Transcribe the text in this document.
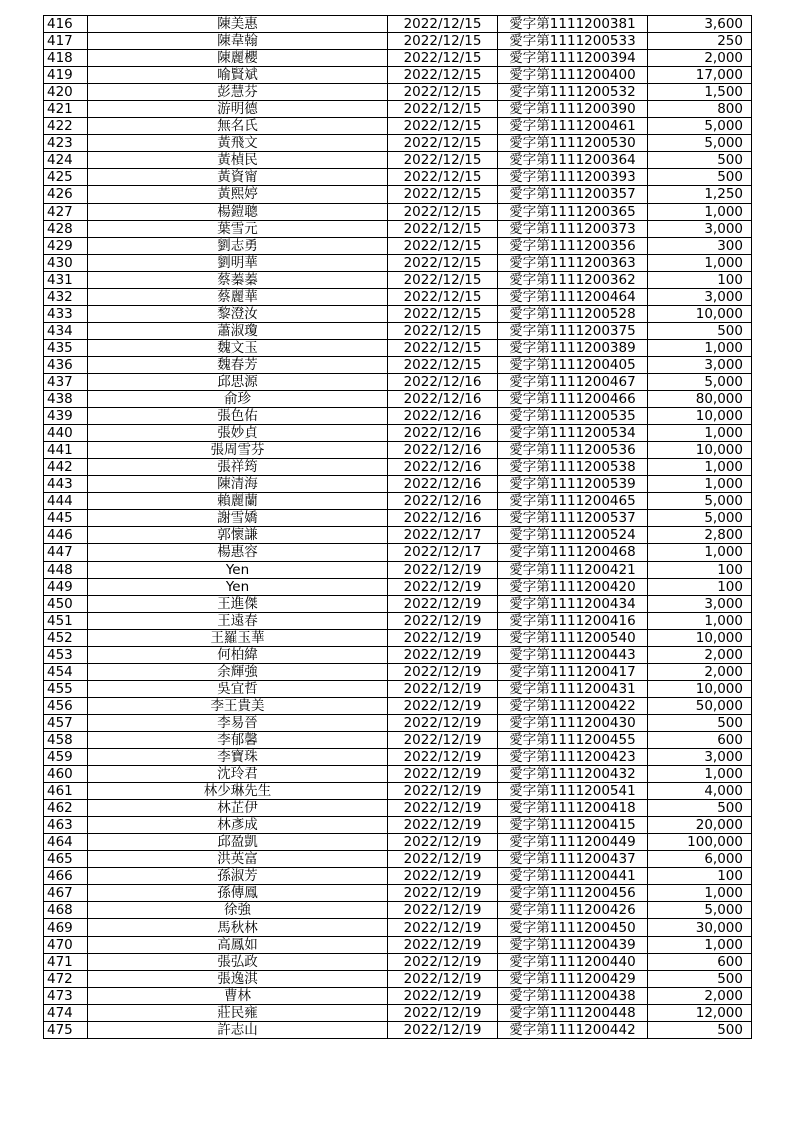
416	陳美惠	2022/12/15	愛字第1111200381	3,600
417	陳韋翰	2022/12/15	愛字第1111200533	250
418	陳麗櫻	2022/12/15	愛字第1111200394	2,000
419	喻賢斌	2022/12/15	愛字第1111200400	17,000
420	彭慧芬	2022/12/15	愛字第1111200532	1,500
421	游明德	2022/12/15	愛字第1111200390	800
422	無名氏	2022/12/15	愛字第1111200461	5,000
423	黃飛文	2022/12/15	愛字第1111200530	5,000
424	黃楨民	2022/12/15	愛字第1111200364	500
425	黃資甯	2022/12/15	愛字第1111200393	500
426	黃熙婷	2022/12/15	愛字第1111200357	1,250
427	楊鎧聰	2022/12/15	愛字第1111200365	1,000
428	葉雪元	2022/12/15	愛字第1111200373	3,000
429	劉志勇	2022/12/15	愛字第1111200356	300
430	劉明華	2022/12/15	愛字第1111200363	1,000
431	蔡蓁蓁	2022/12/15	愛字第1111200362	100
432	蔡麗華	2022/12/15	愛字第1111200464	3,000
433	黎澄汝	2022/12/15	愛字第1111200528	10,000
434	蕭淑瓊	2022/12/15	愛字第1111200375	500
435	魏文玉	2022/12/15	愛字第1111200389	1,000
436	魏春芳	2022/12/15	愛字第1111200405	3,000
437	邱思源	2022/12/16	愛字第1111200467	5,000
438	俞珍	2022/12/16	愛字第1111200466	80,000
439	張色佑	2022/12/16	愛字第1111200535	10,000
440	張妙貞	2022/12/16	愛字第1111200534	1,000
441	張周雪芬	2022/12/16	愛字第1111200536	10,000
442	張祥筠	2022/12/16	愛字第1111200538	1,000
443	陳清海	2022/12/16	愛字第1111200539	1,000
444	賴麗蘭	2022/12/16	愛字第1111200465	5,000
445	謝雪嬌	2022/12/16	愛字第1111200537	5,000
446	郭懷謙	2022/12/17	愛字第1111200524	2,800
447	楊惠容	2022/12/17	愛字第1111200468	1,000
448	Yen	2022/12/19	愛字第1111200421	100
449	Yen	2022/12/19	愛字第1111200420	100
450	王進傑	2022/12/19	愛字第1111200434	3,000
451	王遠春	2022/12/19	愛字第1111200416	1,000
452	王羅玉華	2022/12/19	愛字第1111200540	10,000
453	何柏緯	2022/12/19	愛字第1111200443	2,000
454	余輝強	2022/12/19	愛字第1111200417	2,000
455	吳宜哲	2022/12/19	愛字第1111200431	10,000
456	李王貴美	2022/12/19	愛字第1111200422	50,000
457	李易晉	2022/12/19	愛字第1111200430	500
458	李郁馨	2022/12/19	愛字第1111200455	600
459	李寶珠	2022/12/19	愛字第1111200423	3,000
460	沈玲君	2022/12/19	愛字第1111200432	1,000
461	林少琳先生	2022/12/19	愛字第1111200541	4,000
462	林芷伊	2022/12/19	愛字第1111200418	500
463	林彥成	2022/12/19	愛字第1111200415	20,000
464	邱盈凱	2022/12/19	愛字第1111200449	100,000
465	洪英富	2022/12/19	愛字第1111200437	6,000
466	孫淑芳	2022/12/19	愛字第1111200441	100
467	孫傳鳳	2022/12/19	愛字第1111200456	1,000
468	徐強	2022/12/19	愛字第1111200426	5,000
469	馬秋林	2022/12/19	愛字第1111200450	30,000
470	高鳳如	2022/12/19	愛字第1111200439	1,000
471	張弘政	2022/12/19	愛字第1111200440	600
472	張逸淇	2022/12/19	愛字第1111200429	500
473	曹林	2022/12/19	愛字第1111200438	2,000
474	莊民雍	2022/12/19	愛字第1111200448	12,000
475	許志山	2022/12/19	愛字第1111200442	500
